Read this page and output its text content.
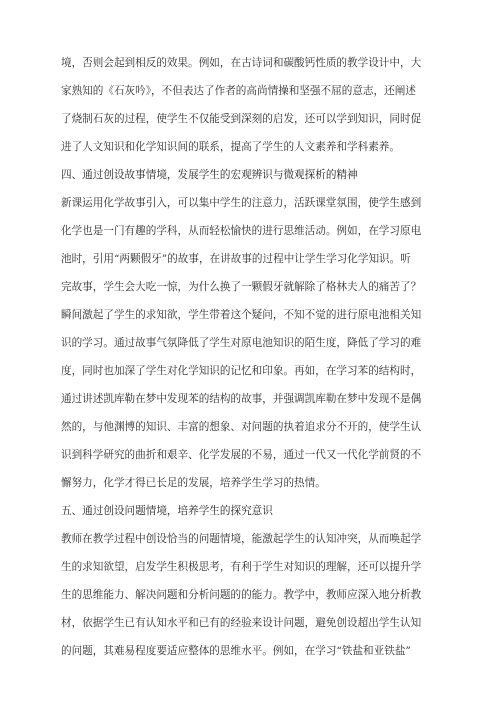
境，否则会起到相反的效果。例如，在古诗词和碳酸钙性质的教学设计中，大
家熟知的《石灰吟》，不但表达了作者的高尚情操和坚强不屈的意志，还阐述
了烧制石灰的过程，使学生不仅能受到深刻的启发，还可以学到知识，同时促
进了人文知识和化学知识间的联系，提高了学生的人文素养和学科素养。
四、通过创设故事情境，发展学生的宏观辨识与微观探析的精神
新课运用化学故事引入，可以集中学生的注意力，活跃课堂氛围，使学生感到
化学也是一门有趣的学科，从而轻松愉快的进行思维活动。例如，在学习原电
池时，引用“两颗假牙”的故事，在讲故事的过程中让学生学习化学知识。听
完故事，学生会大吃一惊，为什么换了一颗假牙就解除了格林夫人的痛苦了？
瞬间激起了学生的求知欲，学生带着这个疑问，不知不觉的进行原电池相关知
识的学习。通过故事气氛降低了学生对原电池知识的陌生度，降低了学习的难
度，同时也加深了学生对化学知识的记忆和印象。再如，在学习苯的结构时，
通过讲述凯库勒在梦中发现苯的结构的故事，并强调凯库勒在梦中发现不是偶
然的，与他渊博的知识、丰富的想象、对问题的执着追求分不开的，使学生认
识到科学研究的曲折和艰辛、化学发展的不易，通过一代又一代化学前贤的不
懈努力，化学才得已长足的发展，培养学生学习的热情。
五、通过创设问题情境，培养学生的探究意识
教师在教学过程中创设恰当的问题情境，能激起学生的认知冲突，从而唤起学
生的求知欲望，启发学生积极思考，有利于学生对知识的理解，还可以提升学
生的思维能力、解决问题和分析问题的的能力。教学中，教师应深入地分析教
材，依据学生已有认知水平和已有的经验来设计问题，避免创设超出学生认知
的问题，其难易程度要适应整体的思维水平。例如，在学习“铁盐和亚铁盐”
